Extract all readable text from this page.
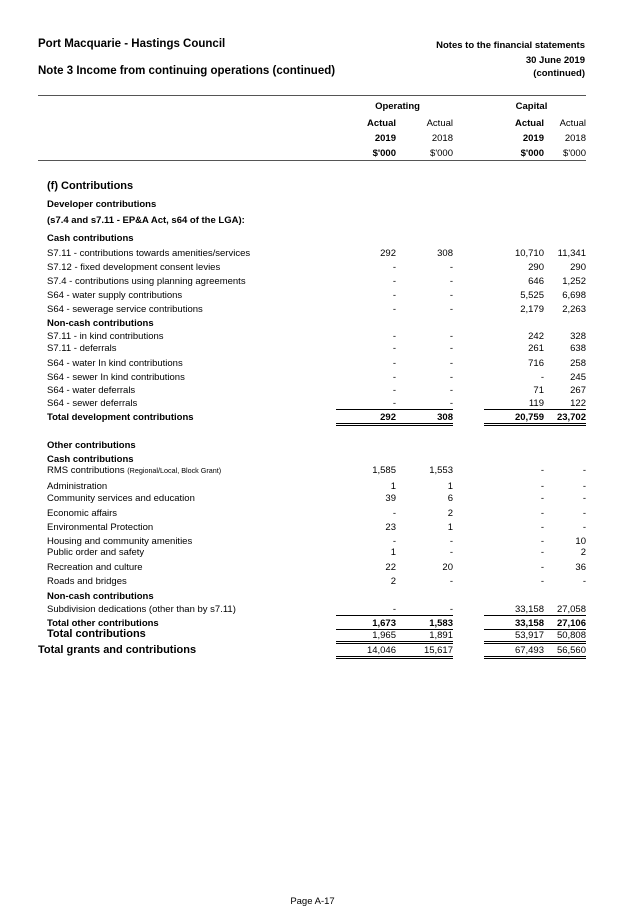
Port Macquarie - Hastings Council
Note 3 Income from continuing operations (continued)
Notes to the financial statements
30 June 2019
(continued)
Operating	Capital
Actual	Actual	Actual	Actual
2019	2018	2019	2018
$'000	$'000	$'000	$'000
(f) Contributions
Developer contributions
(s7.4 and s7.11 - EP&A Act, s64 of the LGA):
Cash contributions
Non-cash contributions
Other contributions
Cash contributions
Non-cash contributions
S7.11 - contributions towards amenities/services	292	308	10,710	11,341
S7.12 - fixed development consent levies	-	-	290	290
S7.4 - contributions using planning agreements	-	-	646	1,252
S64 - water supply contributions	-	-	5,525	6,698
S64 - sewerage service contributions	-	-	2,179	2,263
S7.11 - in kind contributions	-	-	242	328
S7.11 - deferrals	-	-	261	638
S64 - water In kind contributions	-	-	716	258
S64 - sewer In kind contributions	-	-	-	245
S64 - water deferrals	-	-	71	267
S64 - sewer deferrals	-	-	119	122
Total development contributions	292	308	20,759	23,702
RMS contributions (Regional/Local, Block Grant)	1,585	1,553	-	-
Administration	1	1	-	-
Community services and education	39	6	-	-
Economic affairs	-	2	-	-
Environmental Protection	23	1	-	-
Housing and community amenities	-	-	-	10
Public order and safety	1	-	-	2
Recreation and culture	22	20	-	36
Roads and bridges	2	-	-	-
Subdivision dedications (other than by s7.11)	-	-	33,158	27,058
Total other contributions	1,673	1,583	33,158	27,106
Total contributions	1,965	1,891	53,917	50,808
Total grants and contributions	14,046	15,617	67,493	56,560
Page A-17
